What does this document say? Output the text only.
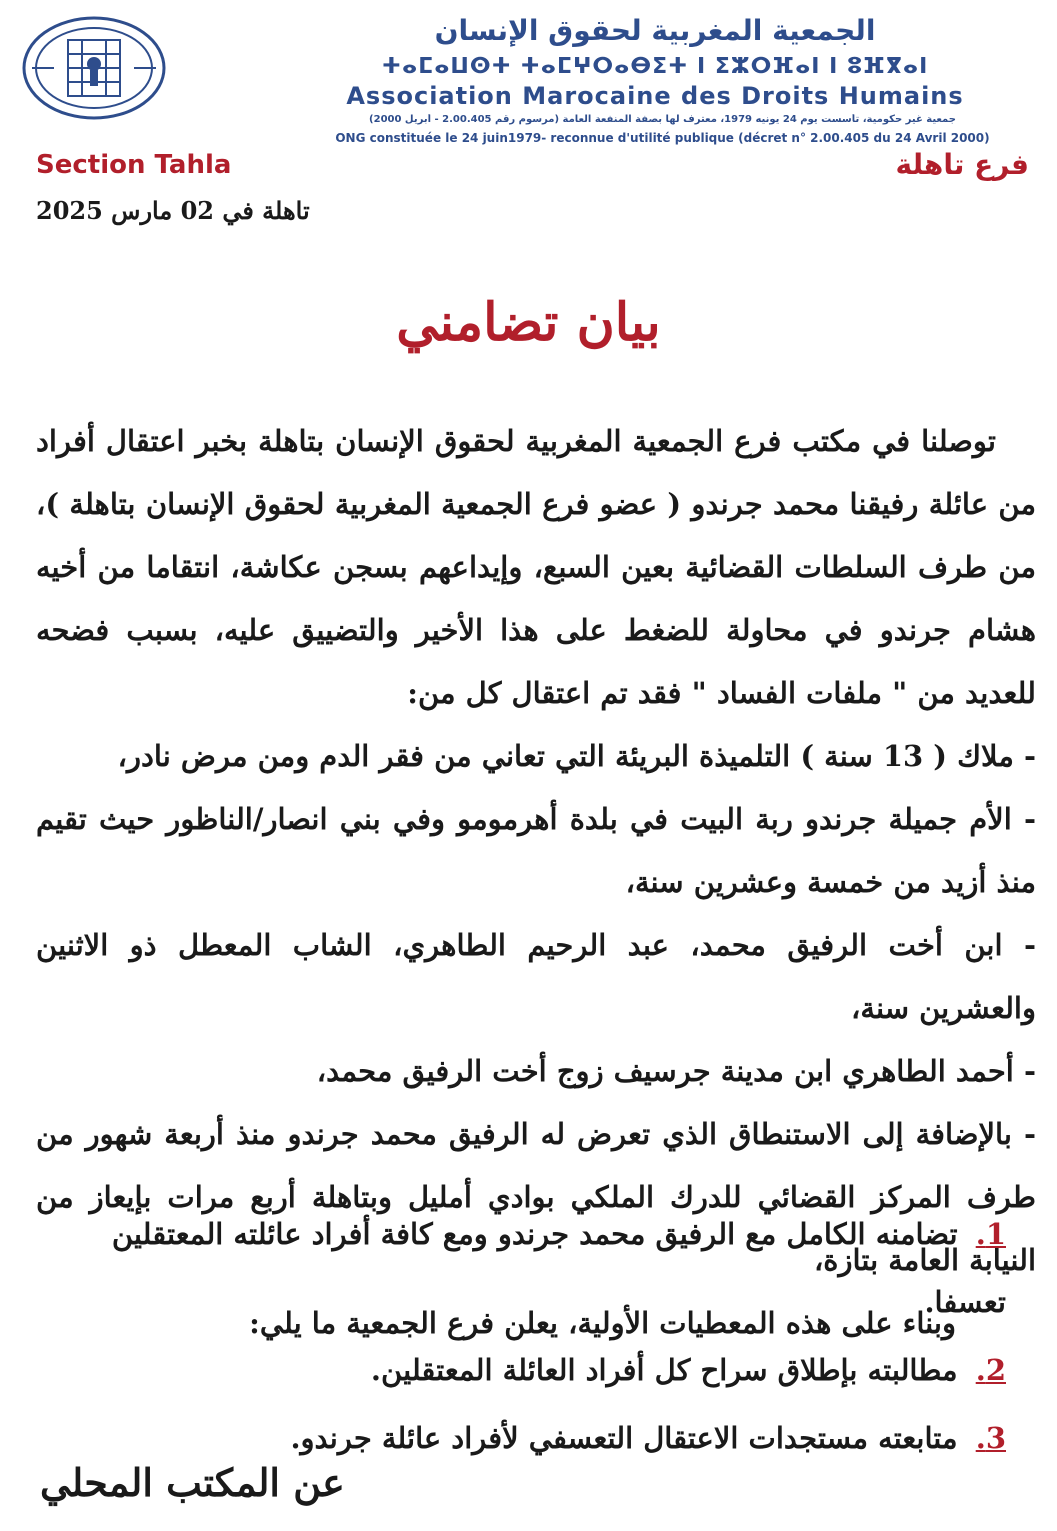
الجمعية المغربية لحقوق الإنسان
ⵜⴰⵎⴰⵡⵙⵜ ⵜⴰⵎⵖⵔⴰⴱⵉⵜ ⵏ ⵉⵣⵔⴼⴰⵏ ⵏ ⵓⴼⴳⴰⵏ
Association Marocaine des Droits Humains
جمعية غير حكومية، تأسست يوم 24 يونيه 1979، معترف لها بصفة المنفعة العامة (مرسوم رقم 2.00.405 - أبريل 2000)
ONG constituée le 24 juin1979- reconnue d'utilité publique (décret n° 2.00.405 du 24 Avril 2000)
Section Tahla	فرع تاهلة
تاهلة في 02 مارس 2025
بيان تضامني

توصلنا في مكتب فرع الجمعية المغربية لحقوق الإنسان بتاهلة بخبر اعتقال أفراد من عائلة رفيقنا محمد جرندو ( عضو فرع الجمعية المغربية لحقوق الإنسان بتاهلة )، من طرف السلطات القضائية بعين السبع، وإيداعهم بسجن عكاشة، انتقاما من أخيه هشام جرندو في محاولة للضغط على هذا الأخير والتضييق عليه، بسبب فضحه للعديد من " ملفات الفساد " فقد تم اعتقال كل من:

- ملاك ( 13 سنة ) التلميذة البريئة التي تعاني من فقر الدم ومن مرض نادر،

- الأم جميلة جرندو ربة البيت في بلدة أهرمومو وفي بني انصار/الناظور حيث تقيم منذ أزيد من خمسة وعشرين سنة،

- ابن أخت الرفيق محمد، عبد الرحيم الطاهري، الشاب المعطل ذو الاثنين والعشرين سنة،

- أحمد الطاهري ابن مدينة جرسيف زوج أخت الرفيق محمد،

- بالإضافة إلى الاستنطاق الذي تعرض له الرفيق محمد جرندو منذ أربعة شهور من طرف المركز القضائي للدرك الملكي بوادي أمليل وبتاهلة أربع مرات بإيعاز من النيابة العامة بتازة،

وبناء على هذه المعطيات الأولية، يعلن فرع الجمعية ما يلي:

1. تضامنه الكامل مع الرفيق محمد جرندو ومع كافة أفراد عائلته المعتقلين تعسفا.
2. مطالبته بإطلاق سراح كل أفراد العائلة المعتقلين.
3. متابعته مستجدات الاعتقال التعسفي لأفراد عائلة جرندو.
عن المكتب المحلي
